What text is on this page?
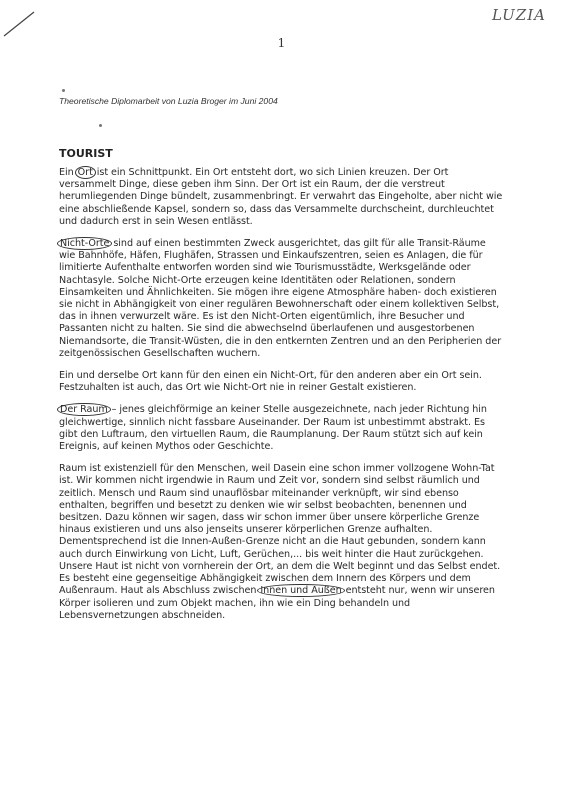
LUZIA
1
Theoretische Diplomarbeit von Luzia Broger im Juni 2004
TOURIST

Ein Ort ist ein Schnittpunkt. Ein Ort entsteht dort, wo sich Linien kreuzen. Der Ort versammelt Dinge, diese geben ihm Sinn. Der Ort ist ein Raum, der die verstreut herumliegenden Dinge bündelt, zusammenbringt. Er verwahrt das Eingeholte, aber nicht wie eine abschließende Kapsel, sondern so, dass das Versammelte durchscheint, durchleuchtet und dadurch erst in sein Wesen entlässt.

Nicht-Orte sind auf einen bestimmten Zweck ausgerichtet, das gilt für alle Transit-Räume wie Bahnhöfe, Häfen, Flughäfen, Strassen und Einkaufszentren, seien es Anlagen, die für limitierte Aufenthalte entworfen worden sind wie Tourismusstädte, Werksgelände oder Nachtasyle. Solche Nicht-Orte erzeugen keine Identitäten oder Relationen, sondern Einsamkeiten und Ähnlichkeiten. Sie mögen ihre eigene Atmosphäre haben- doch existieren sie nicht in Abhängigkeit von einer regulären Bewohnerschaft oder einem kollektiven Selbst, das in ihnen verwurzelt wäre. Es ist den Nicht-Orten eigentümlich, ihre Besucher und Passanten nicht zu halten. Sie sind die abwechselnd überlaufenen und ausgestorbenen Niemandsorte, die Transit-Wüsten, die in den entkernten Zentren und an den Peripherien der zeitgenössischen Gesellschaften wuchern.

Ein und derselbe Ort kann für den einen ein Nicht-Ort, für den anderen aber ein Ort sein. Festzuhalten ist auch, das Ort wie Nicht-Ort nie in reiner Gestalt existieren.

Der Raum – jenes gleichförmige an keiner Stelle ausgezeichnete, nach jeder Richtung hin gleichwertige, sinnlich nicht fassbare Auseinander. Der Raum ist unbestimmt abstrakt. Es gibt den Luftraum, den virtuellen Raum, die Raumplanung. Der Raum stützt sich auf kein Ereignis, auf keinen Mythos oder Geschichte.

Raum ist existenziell für den Menschen, weil Dasein eine schon immer vollzogene Wohn-Tat ist. Wir kommen nicht irgendwie in Raum und Zeit vor, sondern sind selbst räumlich und zeitlich. Mensch und Raum sind unauflösbar miteinander verknüpft, wir sind ebenso enthalten, begriffen und besetzt zu denken wie wir selbst beobachten, benennen und besitzen. Dazu können wir sagen, dass wir schon immer über unsere körperliche Grenze hinaus existieren und uns also jenseits unserer körperlichen Grenze aufhalten. Dementsprechend ist die Innen-Außen-Grenze nicht an die Haut gebunden, sondern kann auch durch Einwirkung von Licht, Luft, Gerüchen,... bis weit hinter die Haut zurückgehen. Unsere Haut ist nicht von vornherein der Ort, an dem die Welt beginnt und das Selbst endet. Es besteht eine gegenseitige Abhängigkeit zwischen dem Innern des Körpers und dem Außenraum. Haut als Abschluss zwischen Innen und Außen entsteht nur, wenn wir unseren Körper isolieren und zum Objekt machen, ihn wie ein Ding behandeln und Lebensvernetzungen abschneiden.
